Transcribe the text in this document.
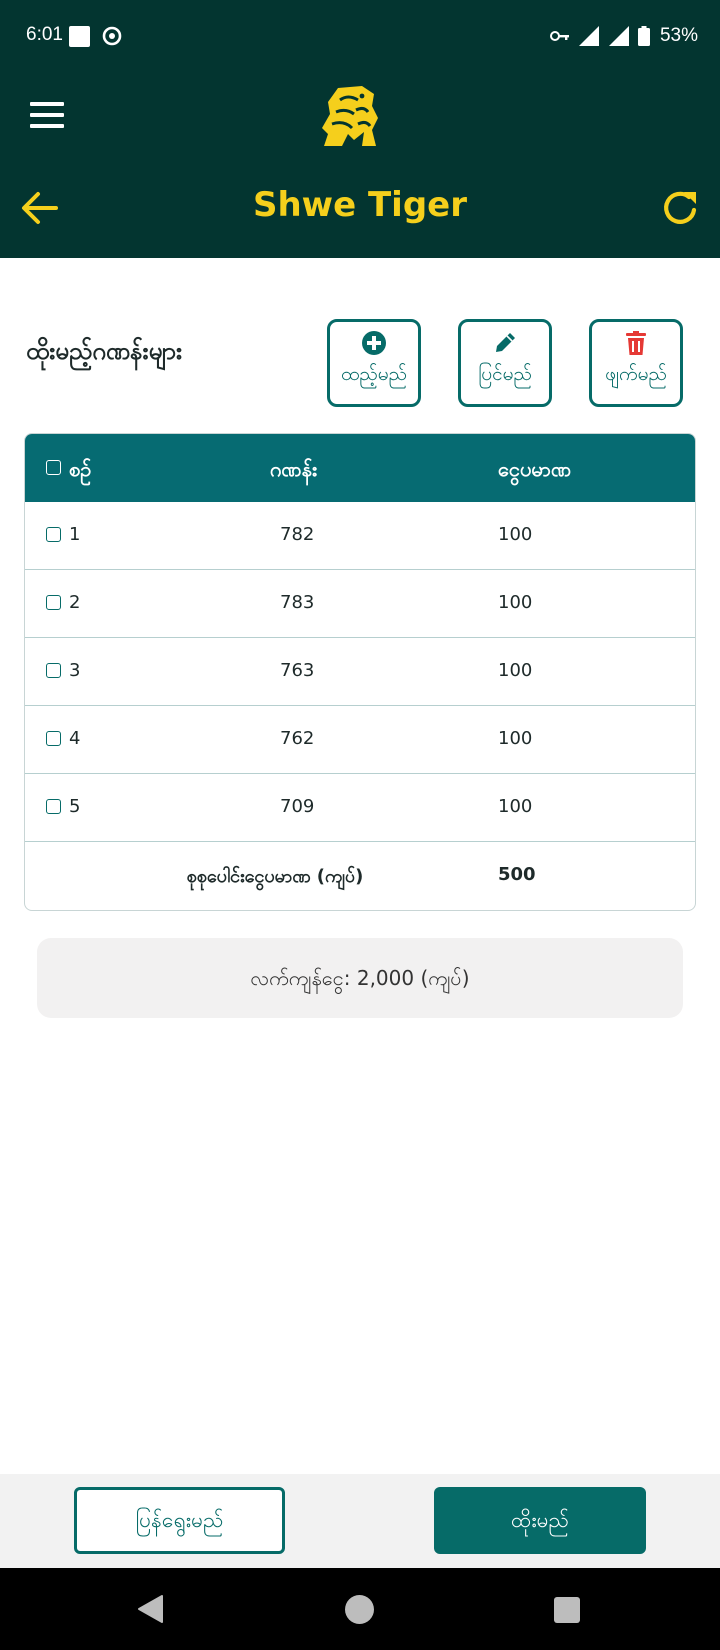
6:01	53%
Shwe Tiger
ထိုးမည့်ဂဏန်းများ
ထည့်မည်	ပြင်မည်	ဖျက်မည်
စဉ်	ဂဏန်း	ငွေပမာဏ
1	782	100
2	783	100
3	763	100
4	762	100
5	709	100
စုစုပေါင်းငွေပမာဏ (ကျပ်)	500
လက်ကျန်ငွေ: 2,000 (ကျပ်)
ပြန်ရွေးမည်	ထိုးမည်
